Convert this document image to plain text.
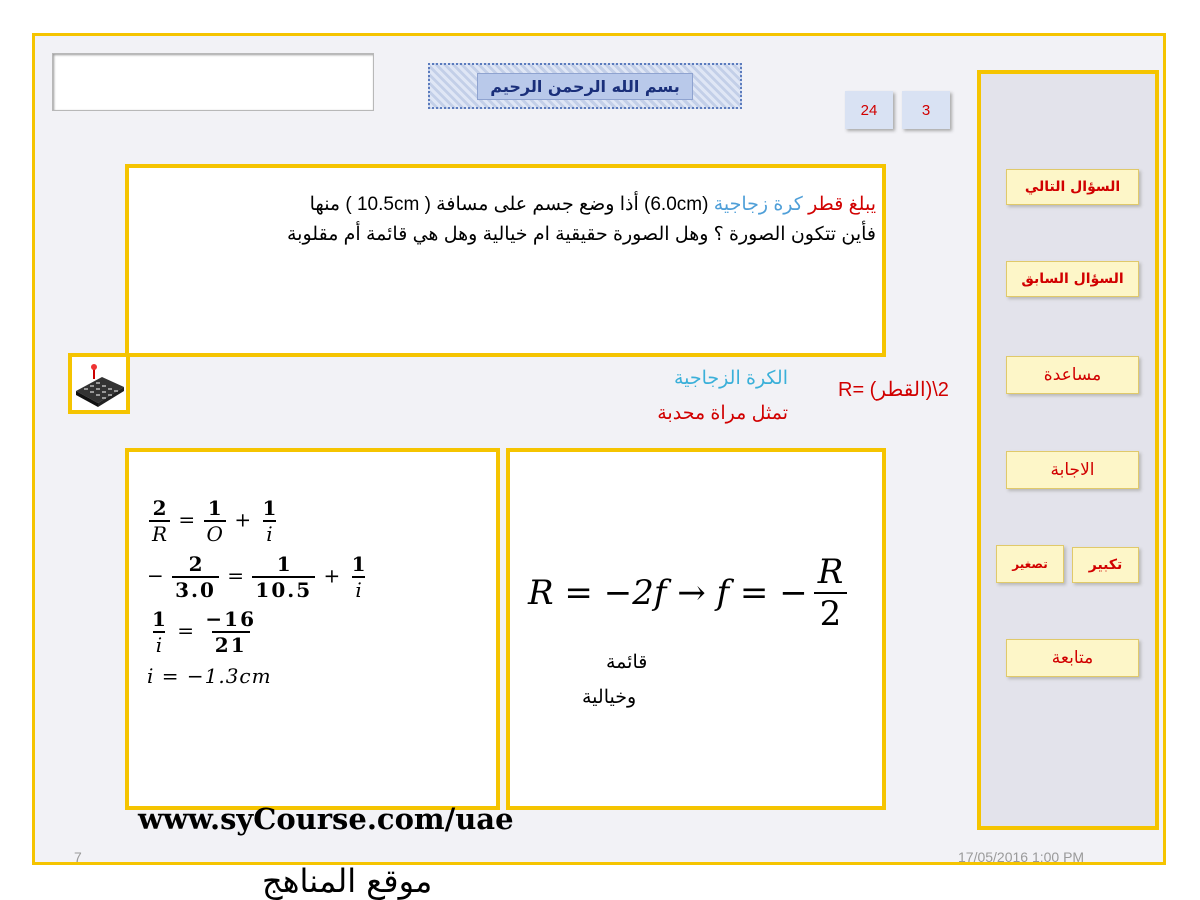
بسم الله الرحمن الرحيم
24	3
يبلغ قطر كرة زجاجية (6.0cm) أذا وضع جسم على مسافة ( 10.5cm ) منها
فأين تتكون الصورة ؟ وهل الصورة حقيقية ام خيالية وهل هي قائمة أم مقلوبة
الكرة الزجاجية
تمثل مراة محدبة
R= (القطر)\2
السؤال التالي
السؤال السابق
مساعدة
الاجابة
تكبير
تصغير
متابعة
$\frac{2}{R} = \frac{1}{O} + \frac{1}{i}$
− $\frac{2}{3.0} = \frac{1}{10.5} + \frac{1}{i}$
$\frac{1}{i} = \frac{-16}{21}$
i = −1.3cm
R = −2f → f = − $\frac{R}{2}$
قائمة
وخيالية
www.syCourse.com/uae
موقع المناهج
7	17/05/2016 1:00 PM
